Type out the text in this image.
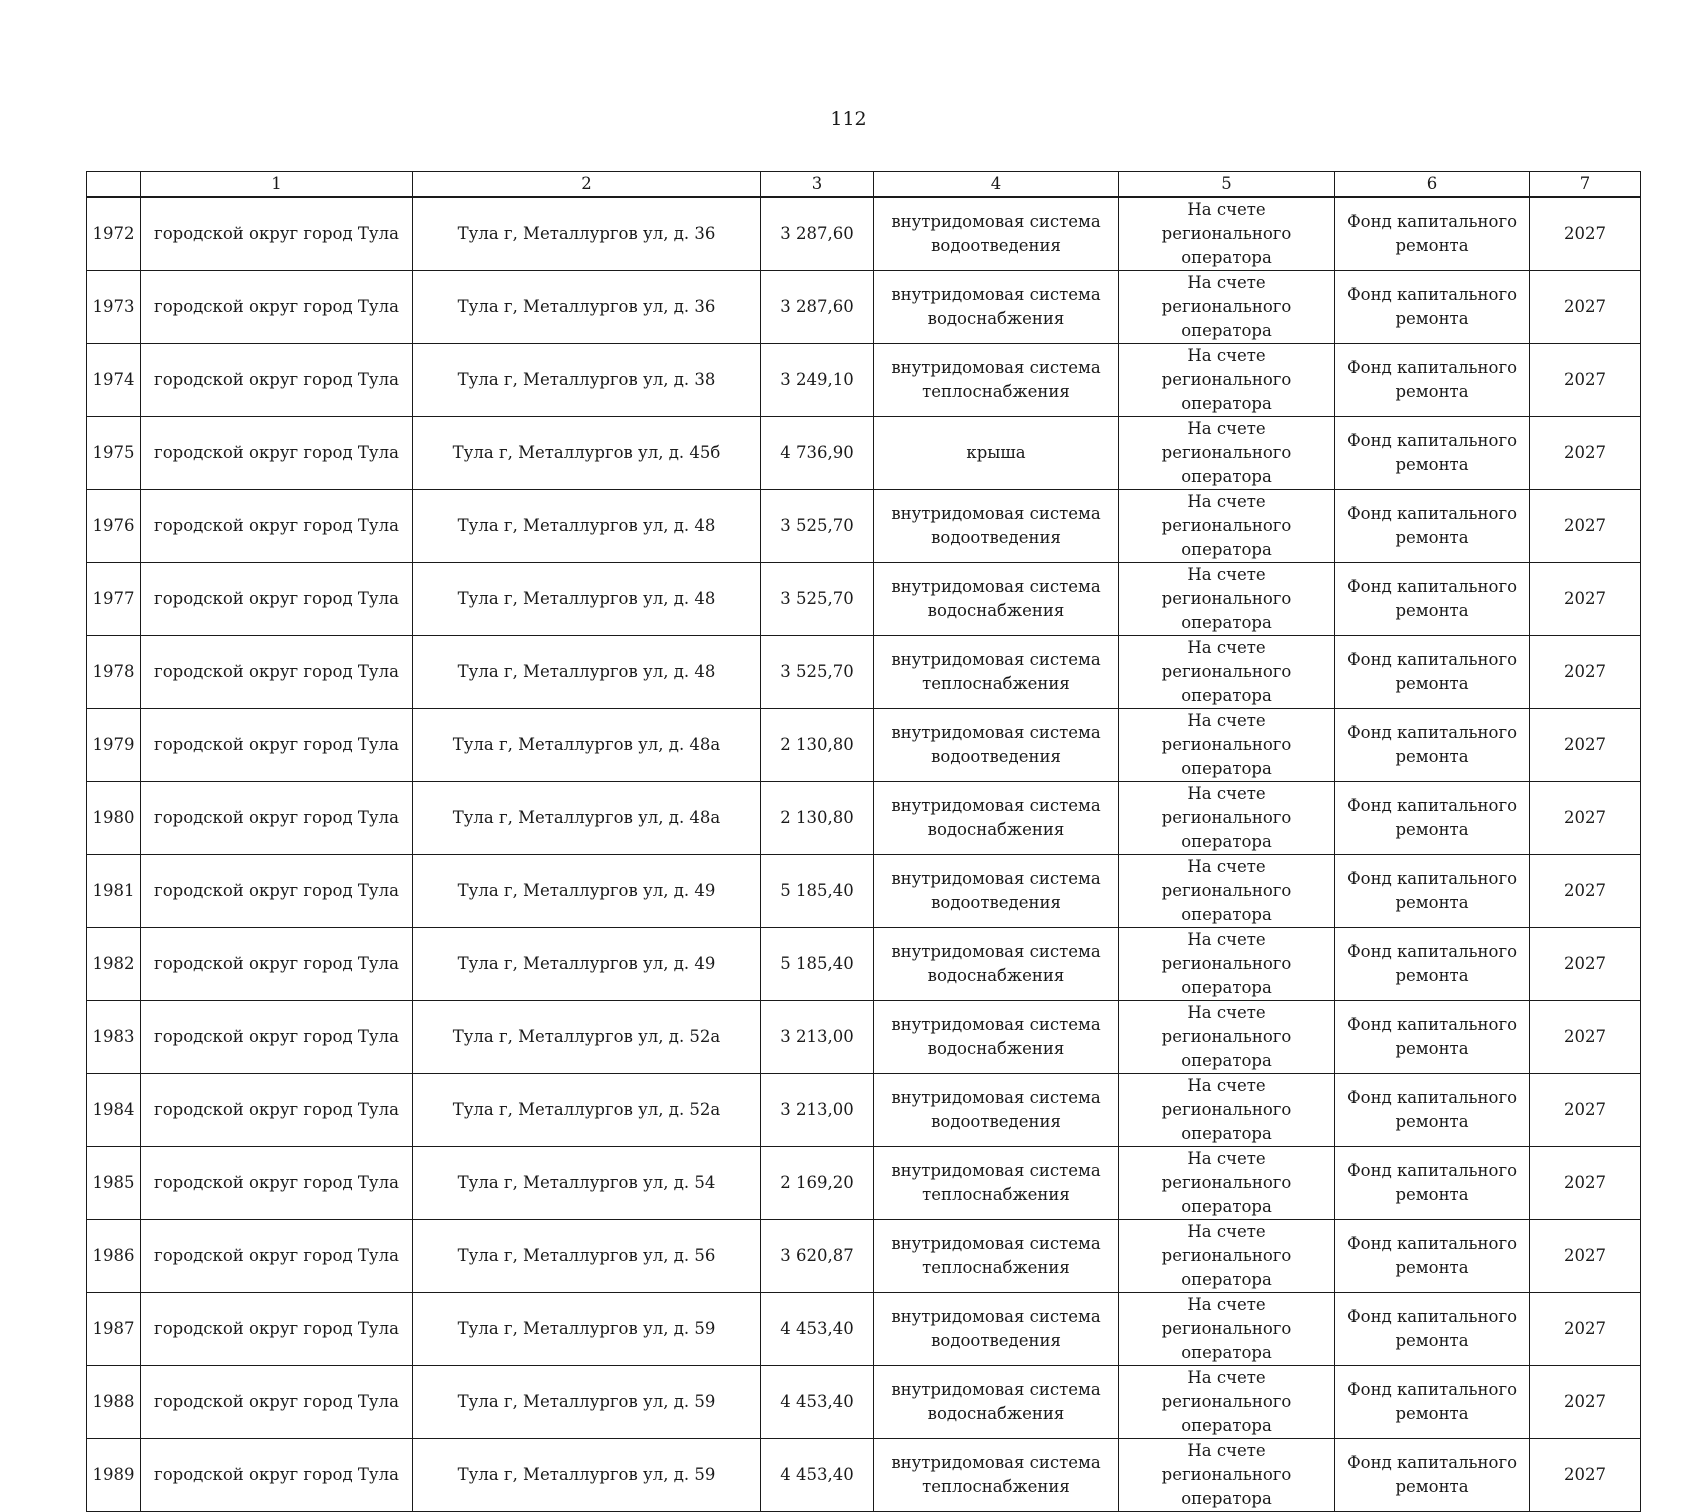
112
	1	2	3	4	5	6	7
1972	городской округ город Тула	Тула г, Металлургов ул, д. 36	3 287,60	внутридомовая система водоотведения	На счете регионального оператора	Фонд капитального ремонта	2027
1973	городской округ город Тула	Тула г, Металлургов ул, д. 36	3 287,60	внутридомовая система водоснабжения	На счете регионального оператора	Фонд капитального ремонта	2027
1974	городской округ город Тула	Тула г, Металлургов ул, д. 38	3 249,10	внутридомовая система теплоснабжения	На счете регионального оператора	Фонд капитального ремонта	2027
1975	городской округ город Тула	Тула г, Металлургов ул, д. 45б	4 736,90	крыша	На счете регионального оператора	Фонд капитального ремонта	2027
1976	городской округ город Тула	Тула г, Металлургов ул, д. 48	3 525,70	внутридомовая система водоотведения	На счете регионального оператора	Фонд капитального ремонта	2027
1977	городской округ город Тула	Тула г, Металлургов ул, д. 48	3 525,70	внутридомовая система водоснабжения	На счете регионального оператора	Фонд капитального ремонта	2027
1978	городской округ город Тула	Тула г, Металлургов ул, д. 48	3 525,70	внутридомовая система теплоснабжения	На счете регионального оператора	Фонд капитального ремонта	2027
1979	городской округ город Тула	Тула г, Металлургов ул, д. 48а	2 130,80	внутридомовая система водоотведения	На счете регионального оператора	Фонд капитального ремонта	2027
1980	городской округ город Тула	Тула г, Металлургов ул, д. 48а	2 130,80	внутридомовая система водоснабжения	На счете регионального оператора	Фонд капитального ремонта	2027
1981	городской округ город Тула	Тула г, Металлургов ул, д. 49	5 185,40	внутридомовая система водоотведения	На счете регионального оператора	Фонд капитального ремонта	2027
1982	городской округ город Тула	Тула г, Металлургов ул, д. 49	5 185,40	внутридомовая система водоснабжения	На счете регионального оператора	Фонд капитального ремонта	2027
1983	городской округ город Тула	Тула г, Металлургов ул, д. 52а	3 213,00	внутридомовая система водоснабжения	На счете регионального оператора	Фонд капитального ремонта	2027
1984	городской округ город Тула	Тула г, Металлургов ул, д. 52а	3 213,00	внутридомовая система водоотведения	На счете регионального оператора	Фонд капитального ремонта	2027
1985	городской округ город Тула	Тула г, Металлургов ул, д. 54	2 169,20	внутридомовая система теплоснабжения	На счете регионального оператора	Фонд капитального ремонта	2027
1986	городской округ город Тула	Тула г, Металлургов ул, д. 56	3 620,87	внутридомовая система теплоснабжения	На счете регионального оператора	Фонд капитального ремонта	2027
1987	городской округ город Тула	Тула г, Металлургов ул, д. 59	4 453,40	внутридомовая система водоотведения	На счете регионального оператора	Фонд капитального ремонта	2027
1988	городской округ город Тула	Тула г, Металлургов ул, д. 59	4 453,40	внутридомовая система водоснабжения	На счете регионального оператора	Фонд капитального ремонта	2027
1989	городской округ город Тула	Тула г, Металлургов ул, д. 59	4 453,40	внутридомовая система теплоснабжения	На счете регионального оператора	Фонд капитального ремонта	2027
